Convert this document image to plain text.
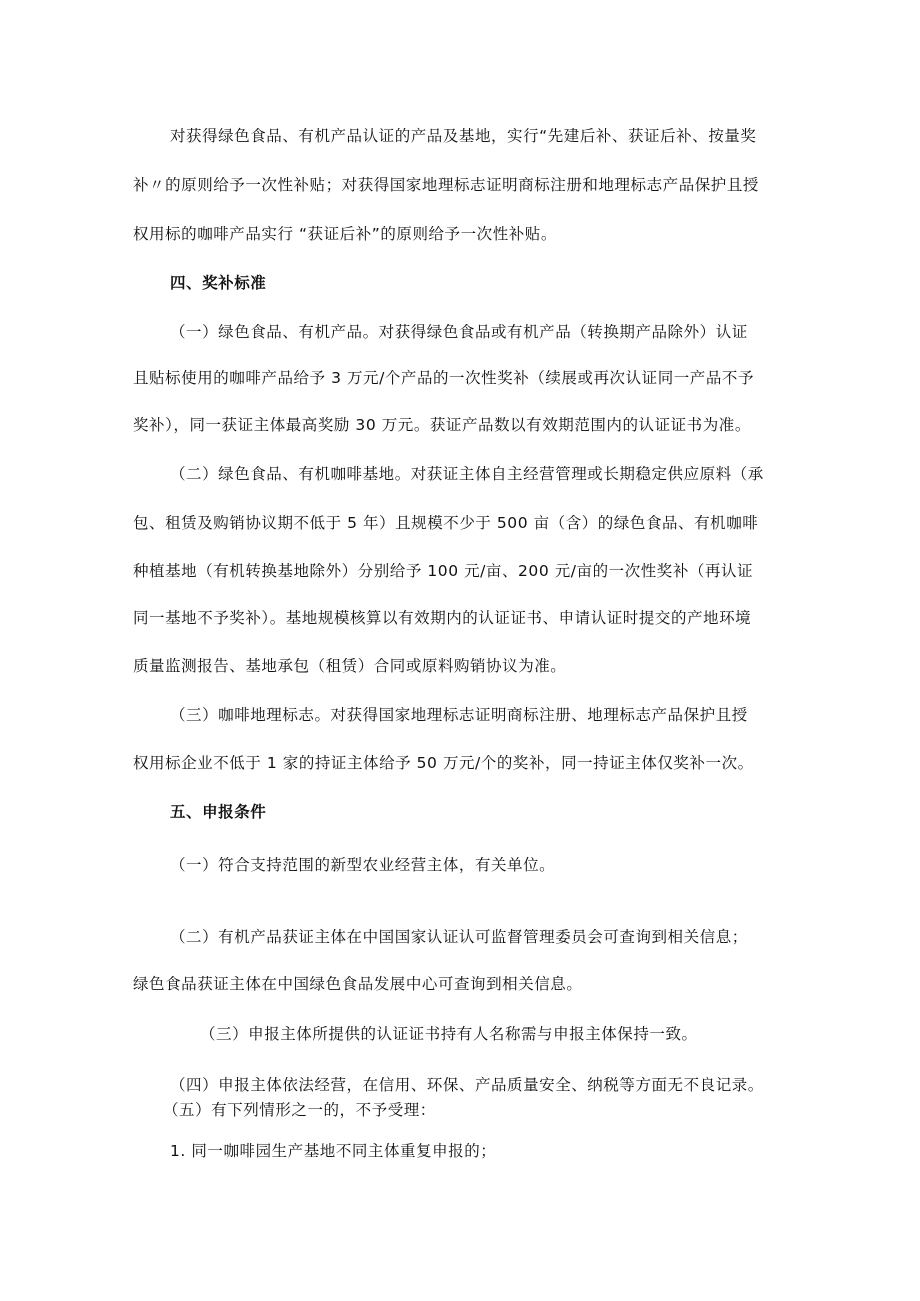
对获得绿色食品、有机产品认证的产品及基地，实行“先建后补、获证后补、按量奖
补〃的原则给予一次性补贴；对获得国家地理标志证明商标注册和地理标志产品保护且授
权用标的咖啡产品实行 “获证后补”的原则给予一次性补贴。
四、奖补标准
（一）绿色食品、有机产品。对获得绿色食品或有机产品（转换期产品除外）认证
且贴标使用的咖啡产品给予 3 万元/个产品的一次性奖补（续展或再次认证同一产品不予
奖补），同一获证主体最高奖励 30 万元。获证产品数以有效期范围内的认证证书为准。
（二）绿色食品、有机咖啡基地。对获证主体自主经营管理或长期稳定供应原料（承
包、租赁及购销协议期不低于 5 年）且规模不少于 500 亩（含）的绿色食品、有机咖啡
种植基地（有机转换基地除外）分别给予 100 元/亩、200 元/亩的一次性奖补（再认证
同一基地不予奖补）。基地规模核算以有效期内的认证证书、申请认证时提交的产地环境
质量监测报告、基地承包（租赁）合同或原料购销协议为准。
（三）咖啡地理标志。对获得国家地理标志证明商标注册、地理标志产品保护且授
权用标企业不低于 1 家的持证主体给予 50 万元/个的奖补，同一持证主体仅奖补一次。
五、申报条件
（一）符合支持范围的新型农业经营主体，有关单位。
（二）有机产品获证主体在中国国家认证认可监督管理委员会可查询到相关信息；
绿色食品获证主体在中国绿色食品发展中心可查询到相关信息。
（三）申报主体所提供的认证证书持有人名称需与申报主体保持一致。
（四）申报主体依法经营，在信用、环保、产品质量安全、纳税等方面无不良记录。
（五）有下列情形之一的，不予受理：
1. 同一咖啡园生产基地不同主体重复申报的；
